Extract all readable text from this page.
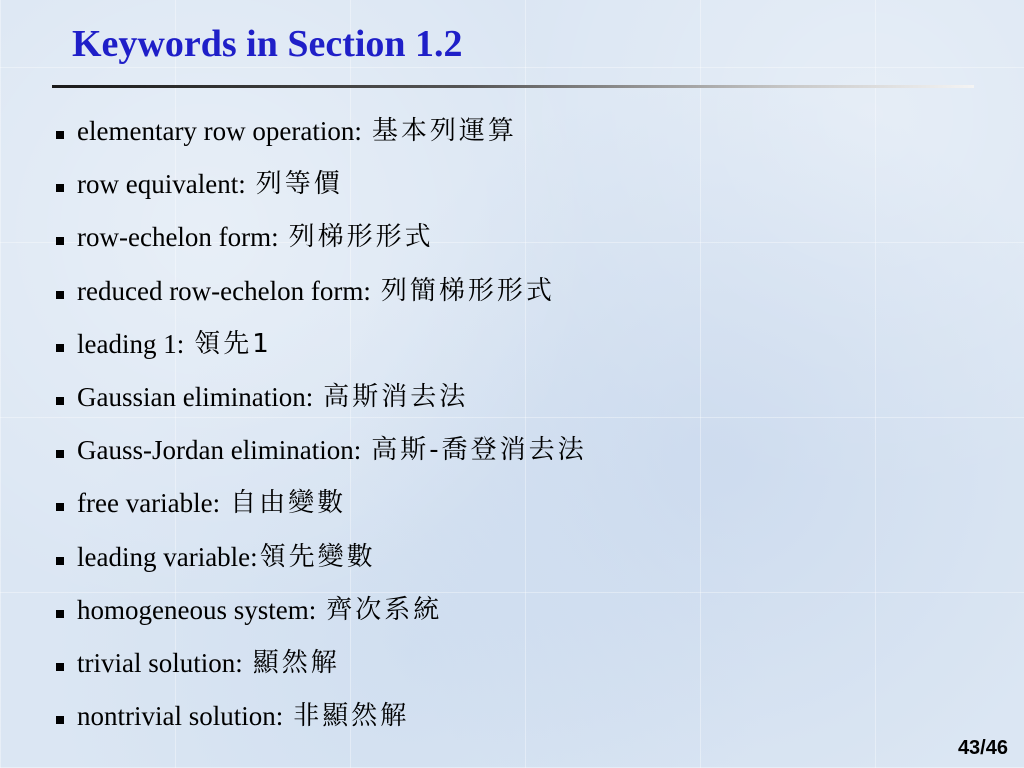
Keywords in Section 1.2
elementary row operation: 基本列運算
row equivalent: 列等價
row-echelon form: 列梯形形式
reduced row-echelon form: 列簡梯形形式
leading 1: 領先1
Gaussian elimination: 高斯消去法
Gauss-Jordan elimination: 高斯-喬登消去法
free variable: 自由變數
leading variable: 領先變數
homogeneous system: 齊次系統
trivial solution: 顯然解
nontrivial solution: 非顯然解
43/46
